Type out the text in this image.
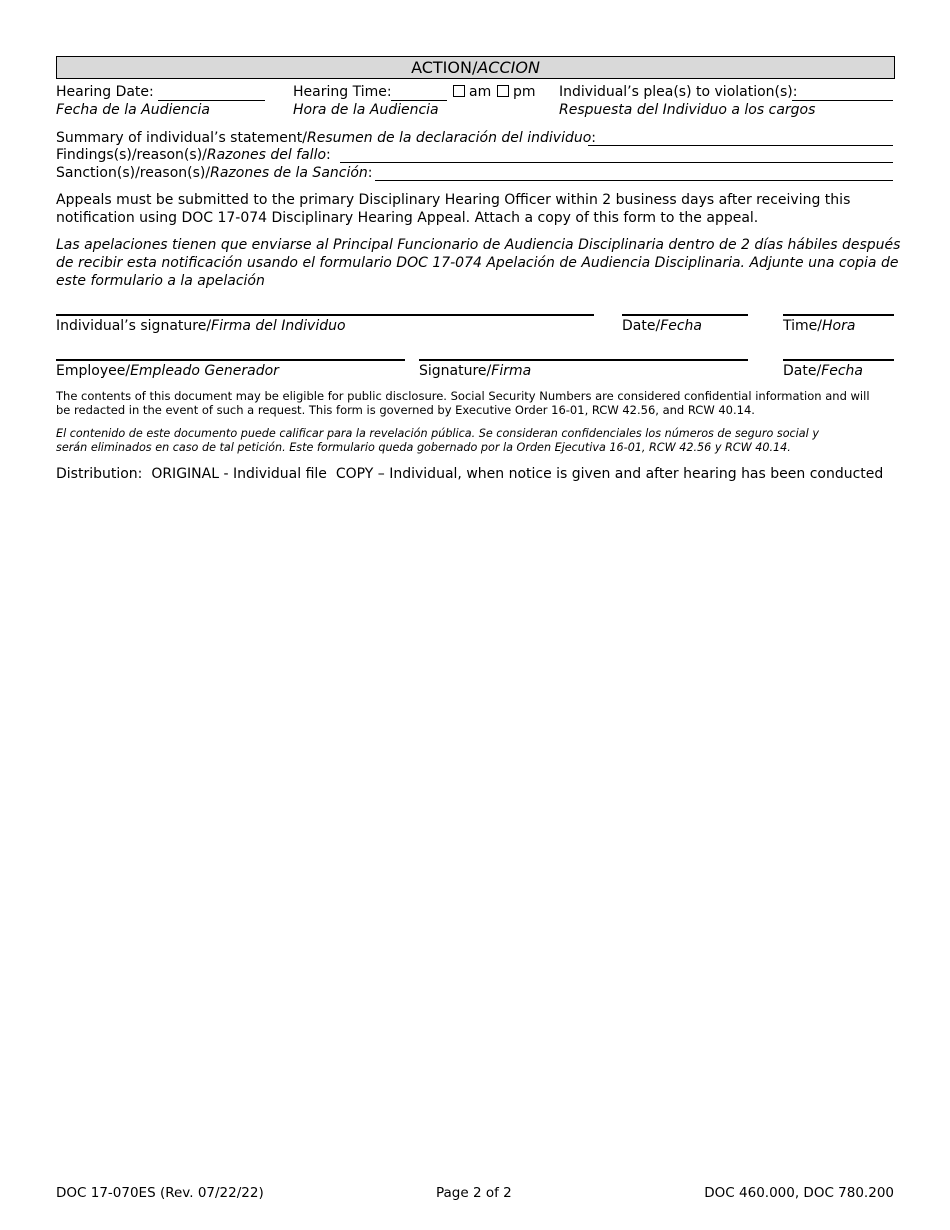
ACTION/ACCION
Hearing Date:
Fecha de la Audiencia
Hearing Time:	am	pm
Hora de la Audiencia
Individual’s plea(s) to violation(s):
Respuesta del Individuo a los cargos
Summary of individual’s statement/Resumen de la declaración del individuo:
Findings(s)/reason(s)/Razones del fallo:
Sanction(s)/reason(s)/Razones de la Sanción:
Appeals must be submitted to the primary Disciplinary Hearing Officer within 2 business days after receiving this
notification using DOC 17-074 Disciplinary Hearing Appeal. Attach a copy of this form to the appeal.
Las apelaciones tienen que enviarse al Principal Funcionario de Audiencia Disciplinaria dentro de 2 días hábiles después
de recibir esta notificación usando el formulario DOC 17-074 Apelación de Audiencia Disciplinaria. Adjunte una copia de
este formulario a la apelación
Individual’s signature/Firma del Individuo	Date/Fecha	Time/Hora
Employee/Empleado Generador	Signature/Firma	Date/Fecha
The contents of this document may be eligible for public disclosure. Social Security Numbers are considered confidential information and will
be redacted in the event of such a request. This form is governed by Executive Order 16-01, RCW 42.56, and RCW 40.14.
El contenido de este documento puede calificar para la revelación pública. Se consideran confidenciales los números de seguro social y
serán eliminados en caso de tal petición. Este formulario queda gobernado por la Orden Ejecutiva 16-01, RCW 42.56 y RCW 40.14.
Distribution: ORIGINAL - Individual file COPY – Individual, when notice is given and after hearing has been conducted
DOC 17-070ES (Rev. 07/22/22)	Page 2 of 2	DOC 460.000, DOC 780.200
